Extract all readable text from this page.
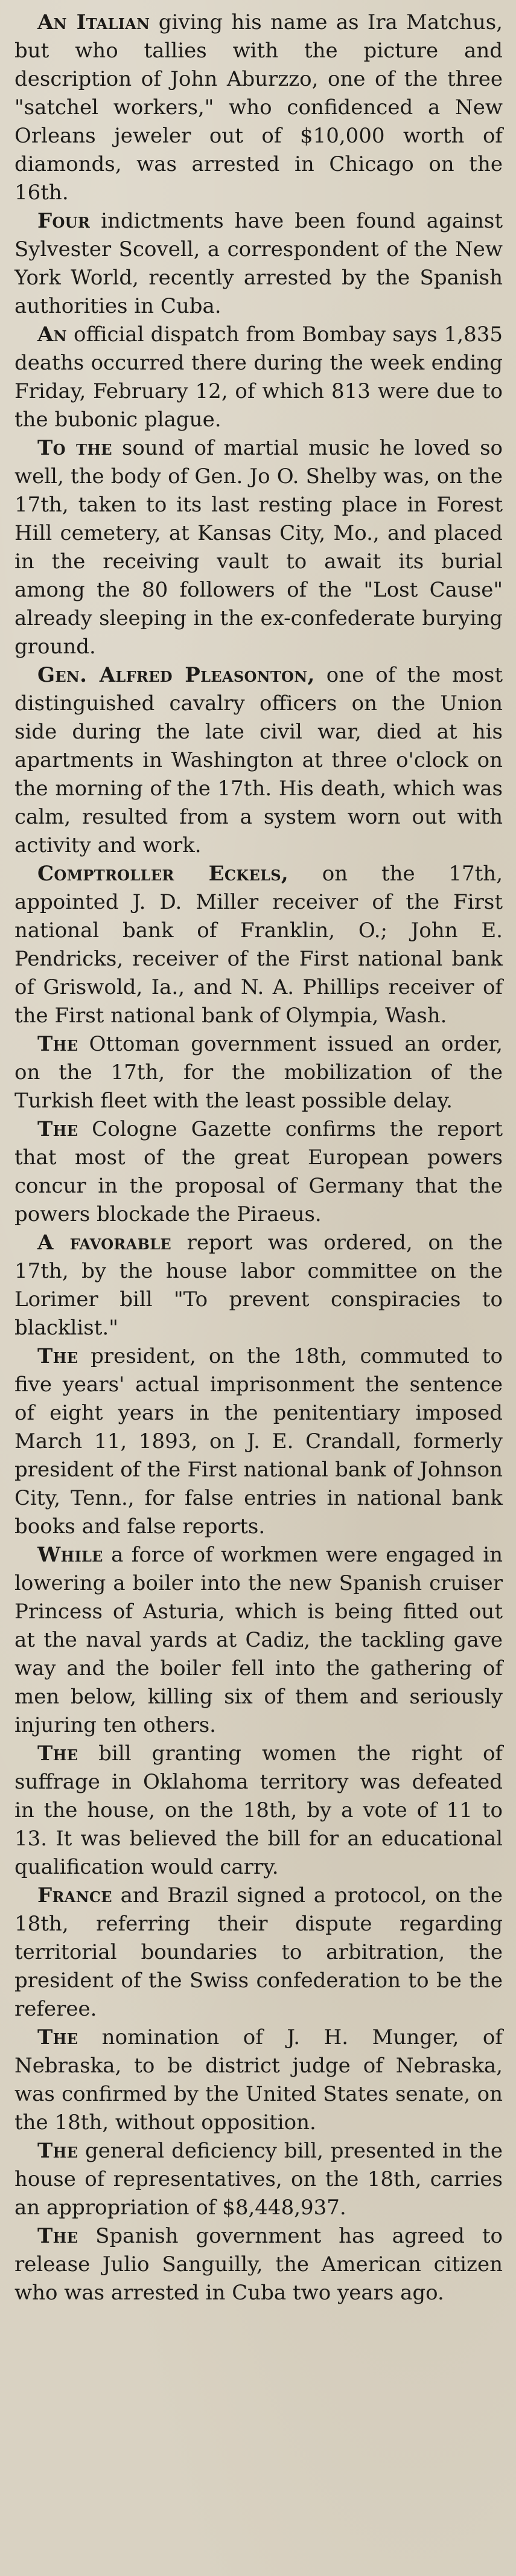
An Italian giving his name as Ira Matchus, but who tallies with the picture and description of John Aburzzo, one of the three "satchel workers," who confidenced a New Orleans jeweler out of $10,000 worth of diamonds, was arrested in Chicago on the 16th.

Four indictments have been found against Sylvester Scovell, a correspondent of the New York World, recently arrested by the Spanish authorities in Cuba.

An official dispatch from Bombay says 1,835 deaths occurred there during the week ending Friday, February 12, of which 813 were due to the bubonic plague.

To the sound of martial music he loved so well, the body of Gen. Jo O. Shelby was, on the 17th, taken to its last resting place in Forest Hill cemetery, at Kansas City, Mo., and placed in the receiving vault to await its burial among the 80 followers of the "Lost Cause" already sleeping in the ex-confederate burying ground.

Gen. Alfred Pleasonton, one of the most distinguished cavalry officers on the Union side during the late civil war, died at his apartments in Washington at three o'clock on the morning of the 17th. His death, which was calm, resulted from a system worn out with activity and work.

Comptroller Eckels, on the 17th, appointed J. D. Miller receiver of the First national bank of Franklin, O.; John E. Pendricks, receiver of the First national bank of Griswold, Ia., and N. A. Phillips receiver of the First national bank of Olympia, Wash.

The Ottoman government issued an order, on the 17th, for the mobilization of the Turkish fleet with the least possible delay.

The Cologne Gazette confirms the report that most of the great European powers concur in the proposal of Germany that the powers blockade the Piraeus.

A favorable report was ordered, on the 17th, by the house labor committee on the Lorimer bill "To prevent conspiracies to blacklist."

The president, on the 18th, commuted to five years' actual imprisonment the sentence of eight years in the penitentiary imposed March 11, 1893, on J. E. Crandall, formerly president of the First national bank of Johnson City, Tenn., for false entries in national bank books and false reports.

While a force of workmen were engaged in lowering a boiler into the new Spanish cruiser Princess of Asturia, which is being fitted out at the naval yards at Cadiz, the tackling gave way and the boiler fell into the gathering of men below, killing six of them and seriously injuring ten others.

The bill granting women the right of suffrage in Oklahoma territory was defeated in the house, on the 18th, by a vote of 11 to 13. It was believed the bill for an educational qualification would carry.

France and Brazil signed a protocol, on the 18th, referring their dispute regarding territorial boundaries to arbitration, the president of the Swiss confederation to be the referee.

The nomination of J. H. Munger, of Nebraska, to be district judge of Nebraska, was confirmed by the United States senate, on the 18th, without opposition.

The general deficiency bill, presented in the house of representatives, on the 18th, carries an appropriation of $8,448,937.

The Spanish government has agreed to release Julio Sanguilly, the American citizen who was arrested in Cuba two years ago.
